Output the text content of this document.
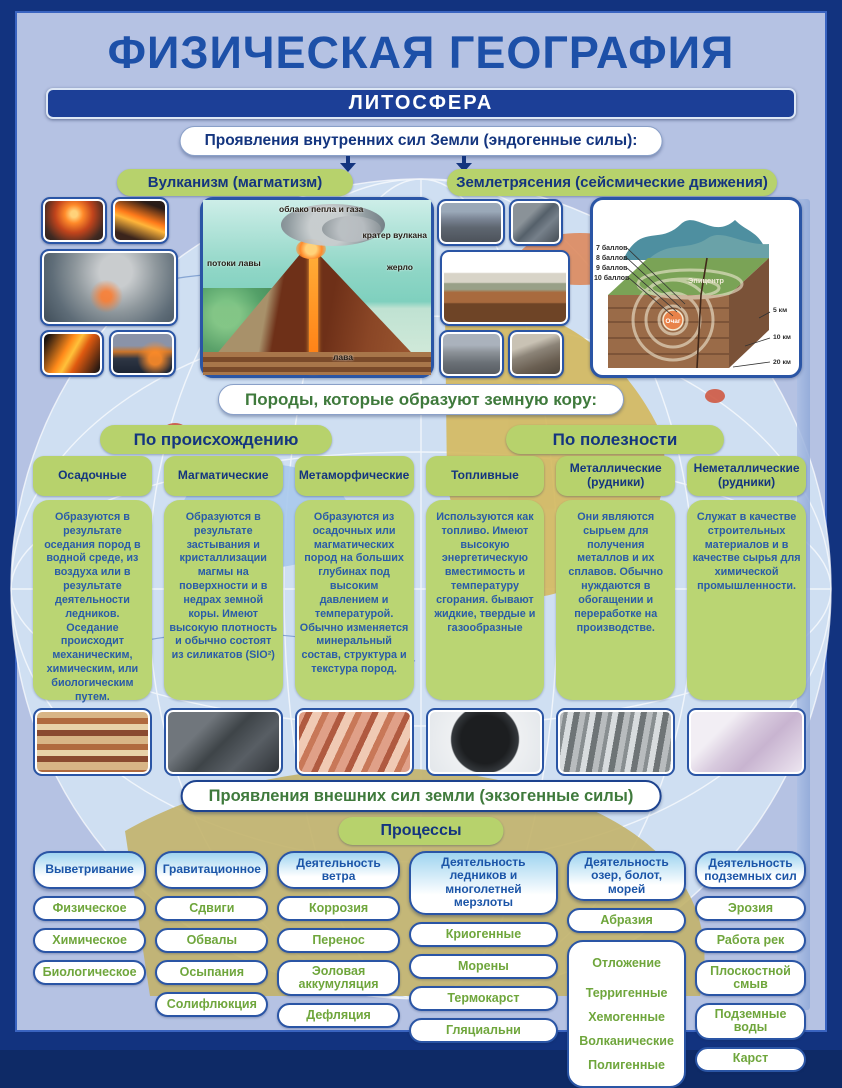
ФИЗИЧЕСКАЯ ГЕОГРАФИЯ
ЛИТОСФЕРА
Проявления внутренних сил Земли (эндогенные силы):
Вулканизм (магматизм)	Землетрясения (сейсмические движения)
облако пепла и газа
кратер вулкана
потоки лавы	жерло
лава
7 баллов
8 баллов
9 баллов
10 баллов	Эпицентр
Очаг
5 км
10 км
20 км
Породы, которые образуют земную кору:
По происхождению	По полезности
Осадочные
Образуются в результате оседания пород в водной среде, из воздуха или в результате деятельности ледников. Оседание происходит механическим, химическим, или биологическим путем.
Магматические
Образуются в результате застывания и кристаллизации магмы на поверхности и в недрах земной коры. Имеют высокую плотность и обычно состоят из силикатов (SIO²)
Метаморфические
Образуются из осадочных или магматических пород на больших глубинах под высоким давлением и температурой. Обычно изменяется минеральный состав, структура и текстура пород.
Топливные
Используются как топливо. Имеют высокую энергетическую вместимость и температуру сгорания. бывают жидкие, твердые и газообразные
Металлические (рудники)
Они являются сырьем для получения металлов и их сплавов. Обычно нуждаются в обогащении и переработке на производстве.
Неметаллические (рудники)
Служат в качестве строительных материалов и в качестве сырья для химической промышленности.
Проявления внешних сил земли (экзогенные силы)
Процессы
Выветривание
Физическое
Химическое
Биологическое
Гравитационное
Сдвиги
Обвалы
Осыпания
Солифлюкция
Деятельность ветра
Коррозия
Перенос
Эоловая аккумуляция
Дефляция
Деятельность ледников и многолетней мерзлоты
Криогенные
Морены
Термокарст
Гляциальни
Деятельность озер, болот, морей
Абразия
Отложение
Терригенные
Хемогенные
Волканические
Полигенные
Деятельность подземных сил
Эрозия
Работа рек
Плоскостной смыв
Подземные воды
Карст
